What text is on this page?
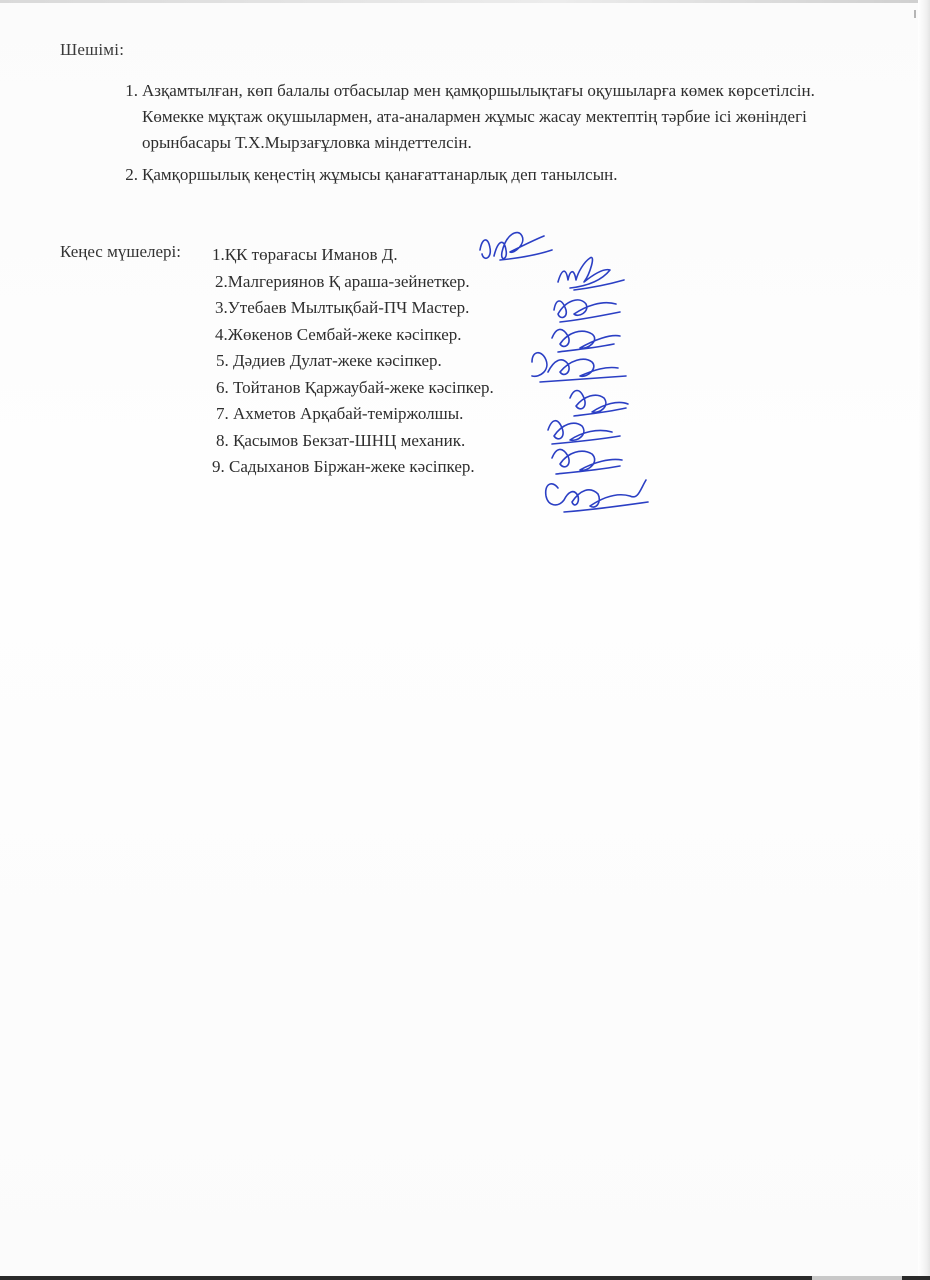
Шешімі:
1. Азқамтылған, көп балалы отбасылар мен қамқоршылықтағы оқушыларға көмек көрсетілсін. Көмекке мұқтаж оқушылармен, ата-аналармен жұмыс жасау мектептің тәрбие ісі жөніндегі орынбасары Т.Х.Мырзағұловка міндеттелсін.
2. Қамқоршылық кеңестің жұмысы қанағаттанарлық деп танылсын.
Кеңес мүшелері: 1.ҚК төрағасы Иманов Д.
2.Малгериянов Қ араша-зейнеткер.
3.Утебаев Мылтықбай-ПЧ Мастер.
4.Жөкенов Сембай-жеке кәсіпкер.
5. Дәдиев Дулат-жеке кәсіпкер.
6. Тойтанов Қаржаубай-жеке кәсіпкер.
7. Ахметов Арқабай-теміржолшы.
8. Қасымов Бекзат-ШНЦ механик.
9. Садыханов Біржан-жеке кәсіпкер.
